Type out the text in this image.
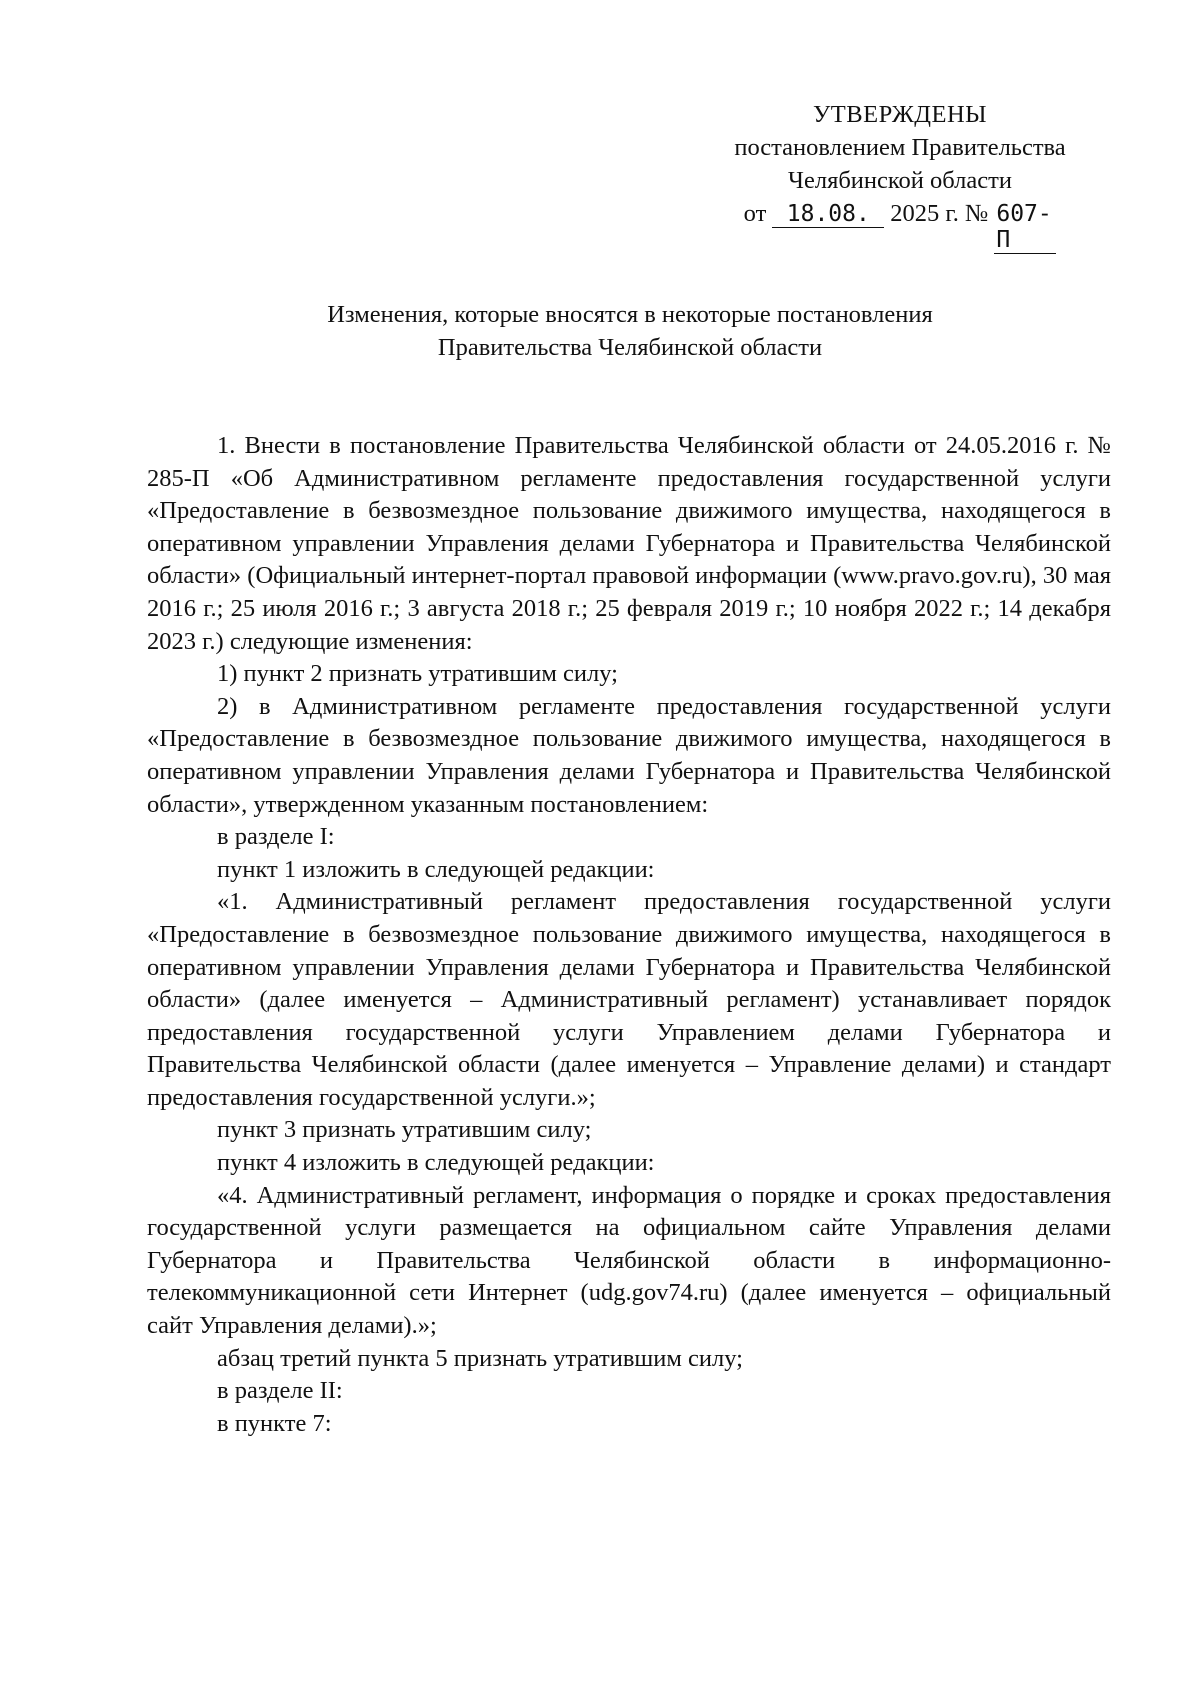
УТВЕРЖДЕНЫ
постановлением Правительства
Челябинской области
от 18.08. 2025 г. № 607-П
Изменения, которые вносятся в некоторые постановления
Правительства Челябинской области

1. Внести в постановление Правительства Челябинской области от 24.05.2016 г. № 285-П «Об Административном регламенте предоставления государственной услуги «Предоставление в безвозмездное пользование движимого имущества, находящегося в оперативном управлении Управления делами Губернатора и Правительства Челябинской области» (Официальный интернет-портал правовой информации (www.pravo.gov.ru), 30 мая 2016 г.; 25 июля 2016 г.; 3 августа 2018 г.; 25 февраля 2019 г.; 10 ноября 2022 г.; 14 декабря 2023 г.) следующие изменения:

1) пункт 2 признать утратившим силу;

2) в Административном регламенте предоставления государственной услуги «Предоставление в безвозмездное пользование движимого имущества, находящегося в оперативном управлении Управления делами Губернатора и Правительства Челябинской области», утвержденном указанным постановлением:

в разделе I:

пункт 1 изложить в следующей редакции:

«1. Административный регламент предоставления государственной услуги «Предоставление в безвозмездное пользование движимого имущества, находящегося в оперативном управлении Управления делами Губернатора и Правительства Челябинской области» (далее именуется – Административный регламент) устанавливает порядок предоставления государственной услуги Управлением делами Губернатора и Правительства Челябинской области (далее именуется – Управление делами) и стандарт предоставления государственной услуги.»;

пункт 3 признать утратившим силу;

пункт 4 изложить в следующей редакции:

«4. Административный регламент, информация о порядке и сроках предоставления государственной услуги размещается на официальном сайте Управления делами Губернатора и Правительства Челябинской области в информационно-телекоммуникационной сети Интернет (udg.gov74.ru) (далее именуется – официальный сайт Управления делами).»;

абзац третий пункта 5 признать утратившим силу;

в разделе II:

в пункте 7:
